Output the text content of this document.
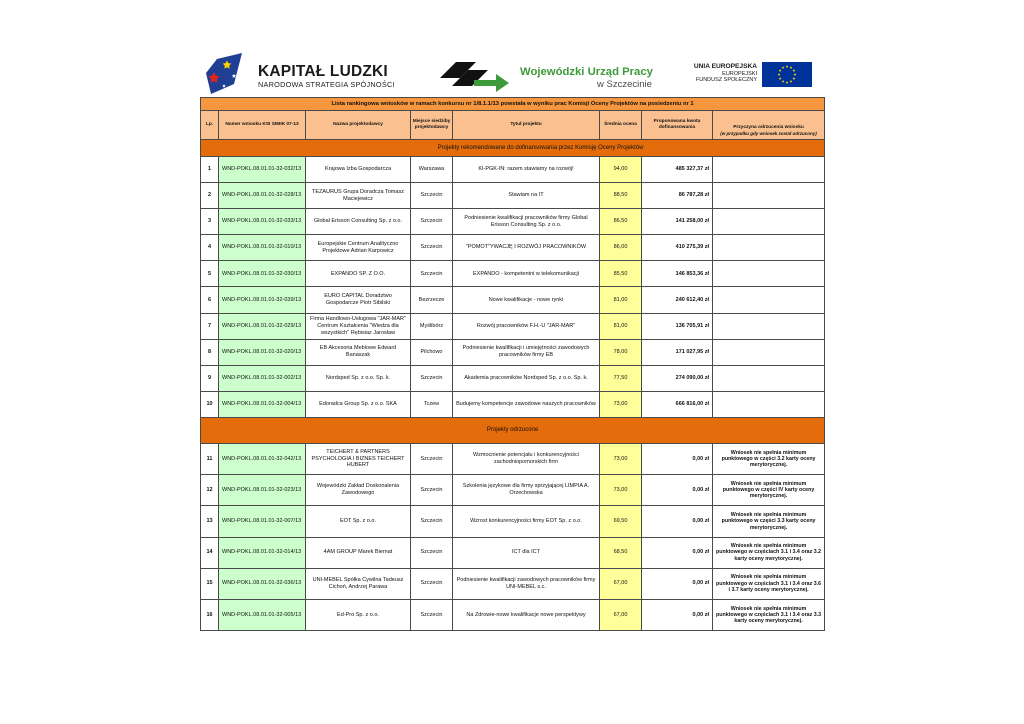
KAPITAŁ LUDZKI
NARODOWA STRATEGIA SPÓJNOŚCI
Wojewódzki Urząd Pracy
w Szczecinie
UNIA EUROPEJSKA
EUROPEJSKI
FUNDUSZ SPOŁECZNY
Lista rankingowa wniosków w ramach konkursu nr 1/8.1.1/13 powstała w wyniku prac Komisji Oceny Projektów na posiedzeniu nr 1							
Lp.	Numer wniosku KSI SIMIK 07-13	Nazwa projektodawcy	Miejsce siedziby projektodawcy	Tytuł projektu	Średnia ocena	Proponowana kwota dofinansowania	Przyczyna odrzucenia wniosku
(w przypadku gdy wniosek został odrzucony)

Projekty rekomendowane do dofinansowania przez Komisję Oceny Projektów							
1	WND-POKL.08.01.01-32-032/13	Krajowa Izba Gospodarcza	Warszawa	KI-PGK-IN: razem stawiamy na rozwój!	94,00	485 327,37 zł	
2	WND-POKL.08.01.01-32-028/13	TEZAURUS Grupa Doradcza Tomasz Maciejewicz	Szczecin	Stawiam na IT	88,50	86 787,28 zł	
3	WND-POKL.08.01.01-32-033/13	Global Erisson Consulting Sp. z o.o.	Szczecin	Podniesienie kwalifikacji pracowników firmy Global Erisson Consulting Sp. z o.o.	86,50	141 258,00 zł	
4	WND-POKL.08.01.01-32-010/13	Europejskie Centrum Analityczno Projektowe Adrian Karpowicz	Szczecin	"POMOT"YWACJĘ I ROZWÓJ PRACOWNIKÓW	86,00	410 275,39 zł	
5	WND-POKL.08.01.01-32-030/13	EXPANDO SP. Z O.O.	Szczecin	EXPANDO - kompetentni w telekomunikacji	85,50	146 853,36 zł	
6	WND-POKL.08.01.01-32-039/13	EURO CAPITAL Doradztwo Gospodarcze Piotr Sibilski	Bezrzecze	Nowe kwalifikacje - nowe rynki	81,00	240 612,40 zł	
7	WND-POKL.08.01.01-32-029/13	Firma Handlowo-Usługowa "JAR-MAR" Centrum Kształcenia "Wiedza dla wszystkich" Rębisiaz Jarosław	Myślibórz	Rozwój pracowników F.H.-U "JAR-MAR"	81,00	136 705,91 zł	
8	WND-POKL.08.01.01-32-020/13	EB Akcesoria Meblowe Edward Banaszak	Pilchowo	Podniesienie kwalifikacji i umiejętności zawodowych pracowników firmy EB	78,00	171 027,95 zł	
9	WND-POKL.08.01.01-32-002/13	Nordsped Sp. z o.o. Sp. k.	Szczecin	Akademia pracowników Nordsped Sp. z o.o. Sp. k.	77,50	274 090,00 zł	
10	WND-POKL.08.01.01-32-004/13	Edoradca Group Sp. z o.o. SKA	Tczew	Budujemy kompetencje zawodowe naszych pracowników	73,00	666 816,00 zł	
Projekty odrzucone							
11	WND-POKL.08.01.01-32-042/13	TEICHERT & PARTNERS PSYCHOLOGIA I BIZNES TEICHERT HUBERT	Szczecin	Wzmocnienie potencjału i konkurencyjności zachodniopomorskich firm	73,00	0,00 zł	Wniosek nie spełnia minimum punktowego w części 3.2 karty oceny merytorycznej.
12	WND-POKL.08.01.01-32-023/13	Wojewódzki Zakład Doskonalenia Zawodowego	Szczecin	Szkolenia językowe dla firmy sprzyjającej LIMPIA A. Orzechowska	73,00	0,00 zł	Wniosek nie spełnia minimum punktowego w części IV karty oceny merytorycznej.
13	WND-POKL.08.01.01-32-007/13	EOT Sp. z o.o.	Szczecin	Wzrost konkurencyjności firmy EOT Sp. z o.o.	69,50	0,00 zł	Wniosek nie spełnia minimum punktowego w części 3.3 karty oceny merytorycznej.
14	WND-POKL.08.01.01-32-014/13	4AM GROUP Marek Biernat	Szczecin	ICT dla ICT	68,50	0,00 zł	Wniosek nie spełnia minimum punktowego w częściach 3.1 i 3.4 oraz 3.2 karty oceny merytorycznej.
15	WND-POKL.08.01.01-32-036/13	UNI-MEBEL Spółka Cywilna Tadeusz Cichoń, Andrzej Parawa	Szczecin	Podniesienie kwalifikacji zawodowych pracowników firmy UNI-MEBEL s.c.	67,00	0,00 zł	Wniosek nie spełnia minimum punktowego w częściach 3.1 i 3.4 oraz 3.6 i 3.7 karty oceny merytorycznej.
16	WND-POKL.08.01.01-32-005/13	Ed-Pro Sp. z o.o.	Szczecin	Na Zdrowie-nowe kwalifikacje nowe perspektywy	67,00	0,00 zł	Wniosek nie spełnia minimum punktowego w częściach 3.1 i 3.4 oraz 3.3 karty oceny merytorycznej.
